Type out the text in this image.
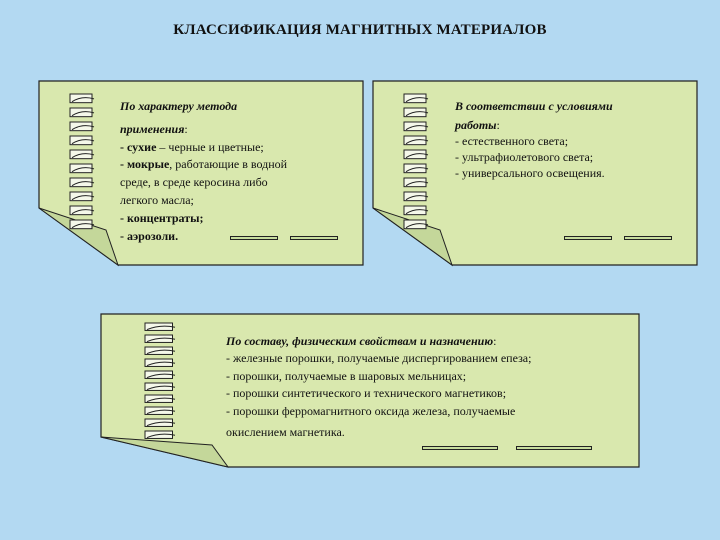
КЛАССИФИКАЦИЯ МАГНИТНЫХ МАТЕРИАЛОВ
По характеру метода
применения:
- сухие – черные и цветные;
- мокрые, работающие в водной
среде, в среде керосина либо
легкого масла;
- концентраты;
- аэрозоли.
В соответствии с условиями
работы:
- естественного света;
- ультрафиолетового света;
- универсального освещения.
По составу, физическим свойствам и назначению:
- железные порошки, получаемые диспергированием епеза;
- порошки, получаемые в шаровых мельницах;
- порошки синтетического и технического магнетиков;
- порошки ферромагнитного оксида железа, получаемые
окислением магнетика.
